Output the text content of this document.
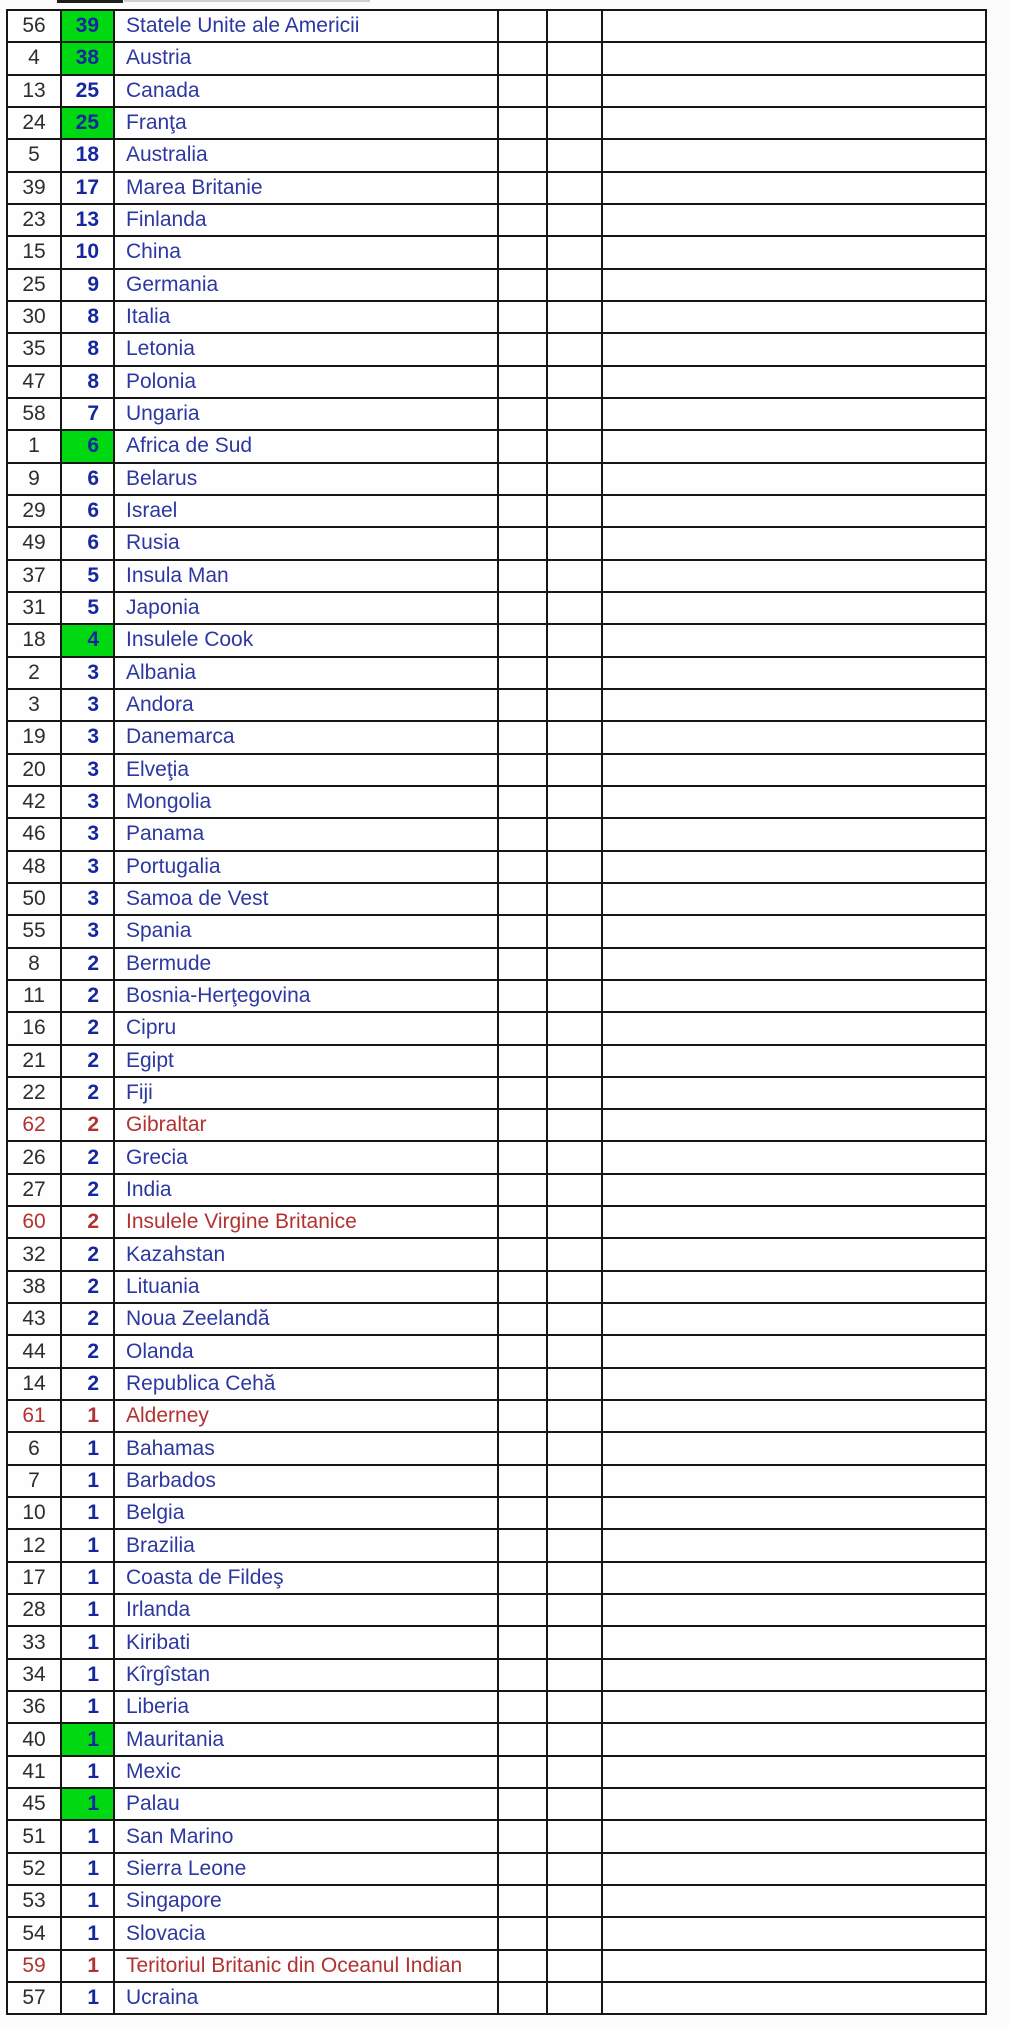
56	39	Statele Unite ale Americii
4	38	Austria
13	25	Canada
24	25	Franţa
5	18	Australia
39	17	Marea Britanie
23	13	Finlanda
15	10	China
25	9	Germania
30	8	Italia
35	8	Letonia
47	8	Polonia
58	7	Ungaria
1	6	Africa de Sud
9	6	Belarus
29	6	Israel
49	6	Rusia
37	5	Insula Man
31	5	Japonia
18	4	Insulele Cook
2	3	Albania
3	3	Andora
19	3	Danemarca
20	3	Elveţia
42	3	Mongolia
46	3	Panama
48	3	Portugalia
50	3	Samoa de Vest
55	3	Spania
8	2	Bermude
11	2	Bosnia-Herţegovina
16	2	Cipru
21	2	Egipt
22	2	Fiji
62	2	Gibraltar
26	2	Grecia
27	2	India
60	2	Insulele Virgine Britanice
32	2	Kazahstan
38	2	Lituania
43	2	Noua Zeelandă
44	2	Olanda
14	2	Republica Cehă
61	1	Alderney
6	1	Bahamas
7	1	Barbados
10	1	Belgia
12	1	Brazilia
17	1	Coasta de Fildeş
28	1	Irlanda
33	1	Kiribati
34	1	Kîrgîstan
36	1	Liberia
40	1	Mauritania
41	1	Mexic
45	1	Palau
51	1	San Marino
52	1	Sierra Leone
53	1	Singapore
54	1	Slovacia
59	1	Teritoriul Britanic din Oceanul Indian
57	1	Ucraina
